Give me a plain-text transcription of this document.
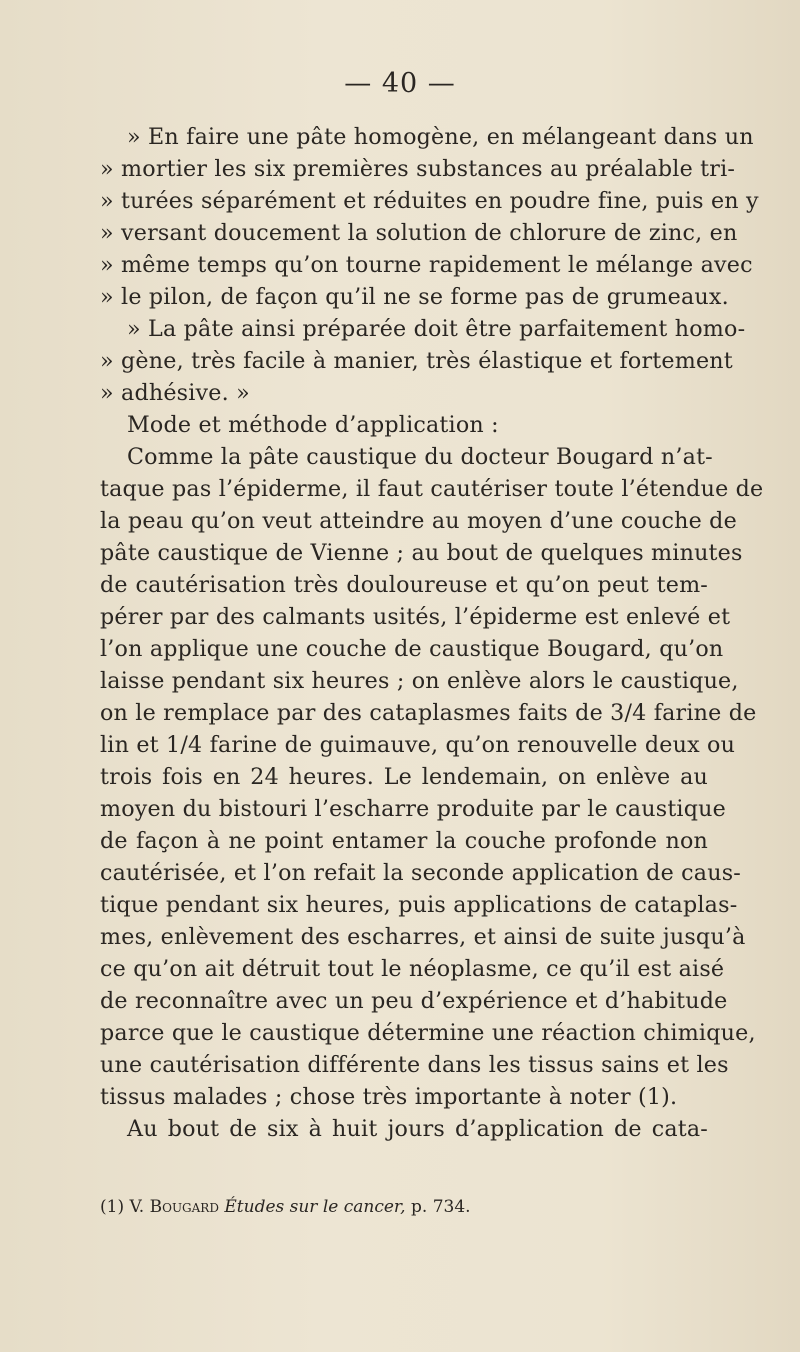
— 40 —
» En faire une pâte homogène, en mélangeant dans un
» mortier les six premières substances au préalable tri-
» turées séparément et réduites en poudre fine, puis en y
» versant doucement la solution de chlorure de zinc, en
» même temps qu’on tourne rapidement le mélange avec
» le pilon, de façon qu’il ne se forme pas de grumeaux.
» La pâte ainsi préparée doit être parfaitement homo-
» gène, très facile à manier, très élastique et fortement
» adhésive. »
Mode et méthode d’application :
Comme la pâte caustique du docteur Bougard n’at-
taque pas l’épiderme, il faut cautériser toute l’étendue de
la peau qu’on veut atteindre au moyen d’une couche de
pâte caustique de Vienne ; au bout de quelques minutes
de cautérisation très douloureuse et qu’on peut tem-
pérer par des calmants usités, l’épiderme est enlevé et
l’on applique une couche de caustique Bougard, qu’on
laisse pendant six heures ; on enlève alors le caustique,
on le remplace par des cataplasmes faits de 3/4 farine de
lin et 1/4 farine de guimauve, qu’on renouvelle deux ou
trois fois en 24 heures. Le lendemain, on enlève au
moyen du bistouri l’escharre produite par le caustique
de façon à ne point entamer la couche profonde non
cautérisée, et l’on refait la seconde application de caus-
tique pendant six heures, puis applications de cataplas-
mes, enlèvement des escharres, et ainsi de suite jusqu’à
ce qu’on ait détruit tout le néoplasme, ce qu’il est aisé
de reconnaître avec un peu d’expérience et d’habitude
parce que le caustique détermine une réaction chimique,
une cautérisation différente dans les tissus sains et les
tissus malades ; chose très importante à noter (1).
Au bout de six à huit jours d’application de cata-
(1) V. Bougard Études sur le cancer, p. 734.
